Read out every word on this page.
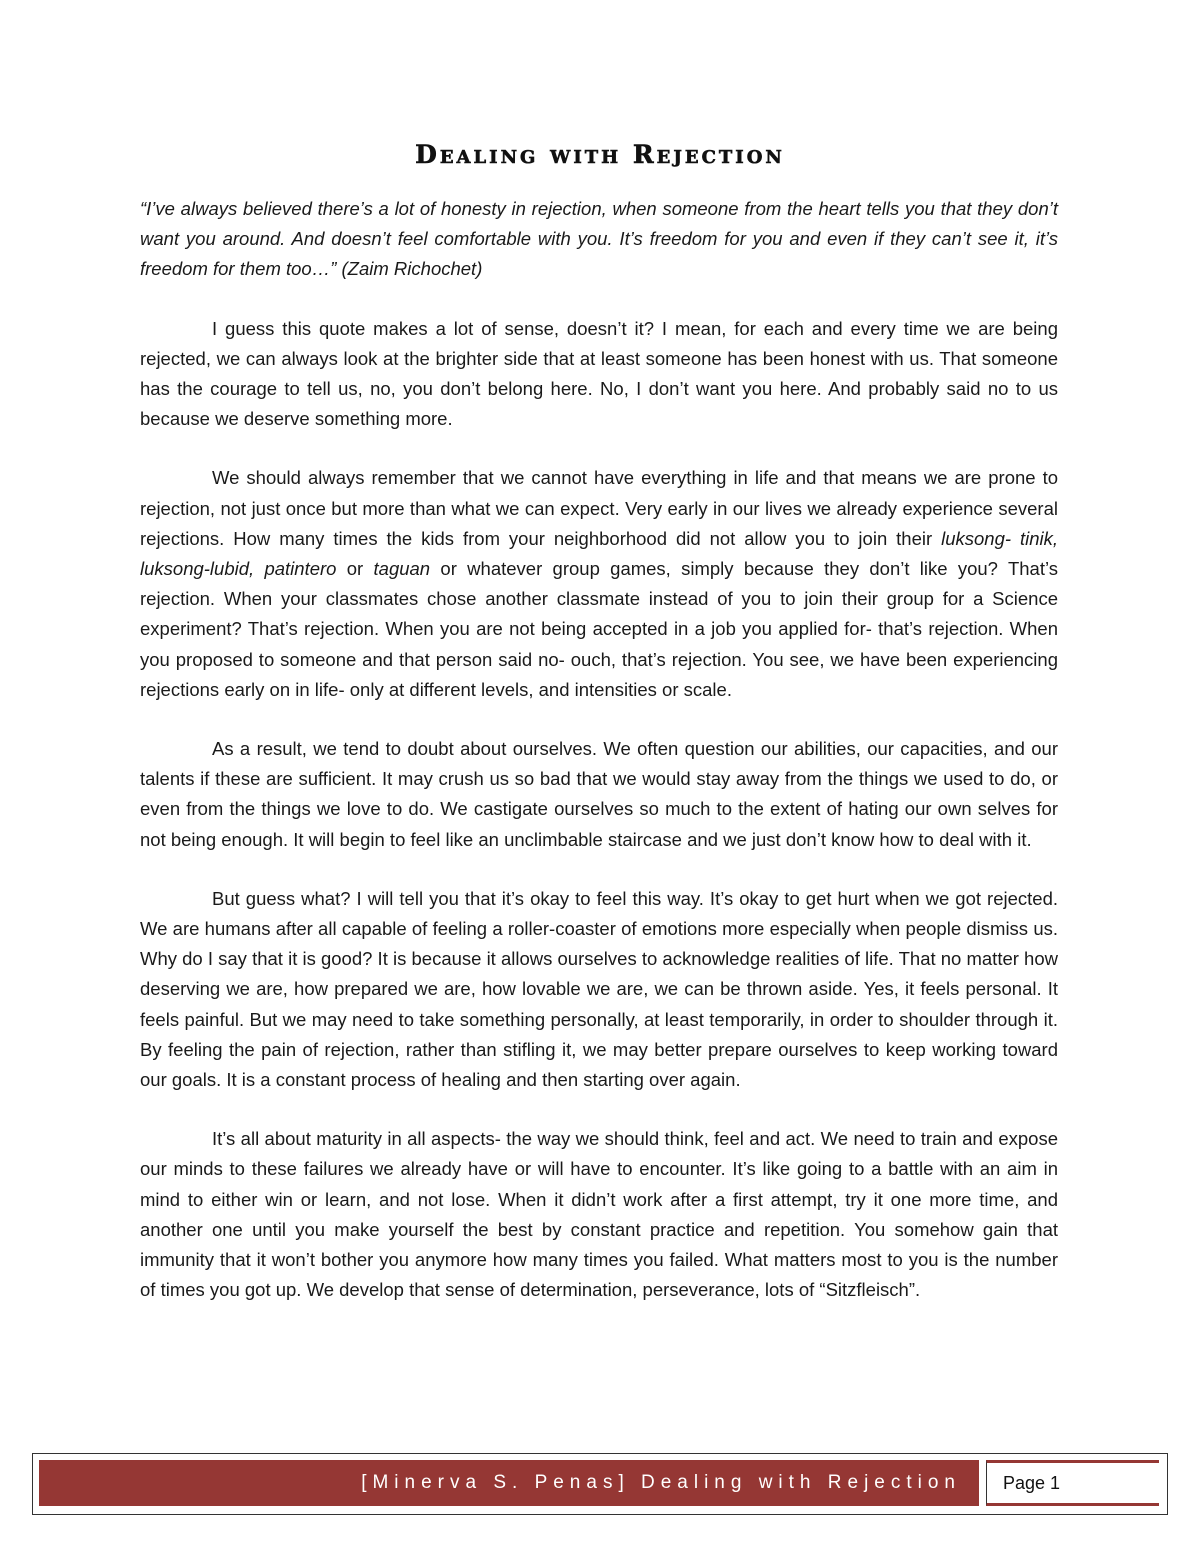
Dealing with Rejection

“I’ve always believed there’s a lot of honesty in rejection, when someone from the heart tells you that they don’t want you around. And doesn’t feel comfortable with you. It’s freedom for you and even if they can’t see it, it’s freedom for them too…” (Zaim Richochet)

I guess this quote makes a lot of sense, doesn’t it? I mean, for each and every time we are being rejected, we can always look at the brighter side that at least someone has been honest with us. That someone has the courage to tell us, no, you don’t belong here. No, I don’t want you here. And probably said no to us because we deserve something more.

We should always remember that we cannot have everything in life and that means we are prone to rejection, not just once but more than what we can expect. Very early in our lives we already experience several rejections. How many times the kids from your neighborhood did not allow you to join their luksong- tinik, luksong-lubid, patintero or taguan or whatever group games, simply because they don’t like you? That’s rejection. When your classmates chose another classmate instead of you to join their group for a Science experiment? That’s rejection. When you are not being accepted in a job you applied for- that’s rejection. When you proposed to someone and that person said no- ouch, that’s rejection. You see, we have been experiencing rejections early on in life- only at different levels, and intensities or scale.

As a result, we tend to doubt about ourselves. We often question our abilities, our capacities, and our talents if these are sufficient. It may crush us so bad that we would stay away from the things we used to do, or even from the things we love to do. We castigate ourselves so much to the extent of hating our own selves for not being enough. It will begin to feel like an unclimbable staircase and we just don’t know how to deal with it.

But guess what? I will tell you that it’s okay to feel this way. It’s okay to get hurt when we got rejected. We are humans after all capable of feeling a roller-coaster of emotions more especially when people dismiss us. Why do I say that it is good? It is because it allows ourselves to acknowledge realities of life. That no matter how deserving we are, how prepared we are, how lovable we are, we can be thrown aside. Yes, it feels personal. It feels painful. But we may need to take something personally, at least temporarily, in order to shoulder through it. By feeling the pain of rejection, rather than stifling it, we may better prepare ourselves to keep working toward our goals. It is a constant process of healing and then starting over again.

It’s all about maturity in all aspects- the way we should think, feel and act. We need to train and expose our minds to these failures we already have or will have to encounter. It’s like going to a battle with an aim in mind to either win or learn, and not lose. When it didn’t work after a first attempt, try it one more time, and another one until you make yourself the best by constant practice and repetition. You somehow gain that immunity that it won’t bother you anymore how many times you failed. What matters most to you is the number of times you got up. We develop that sense of determination, perseverance, lots of “Sitzfleisch”.

[Minerva S. Penas] Dealing with Rejection	Page 1
